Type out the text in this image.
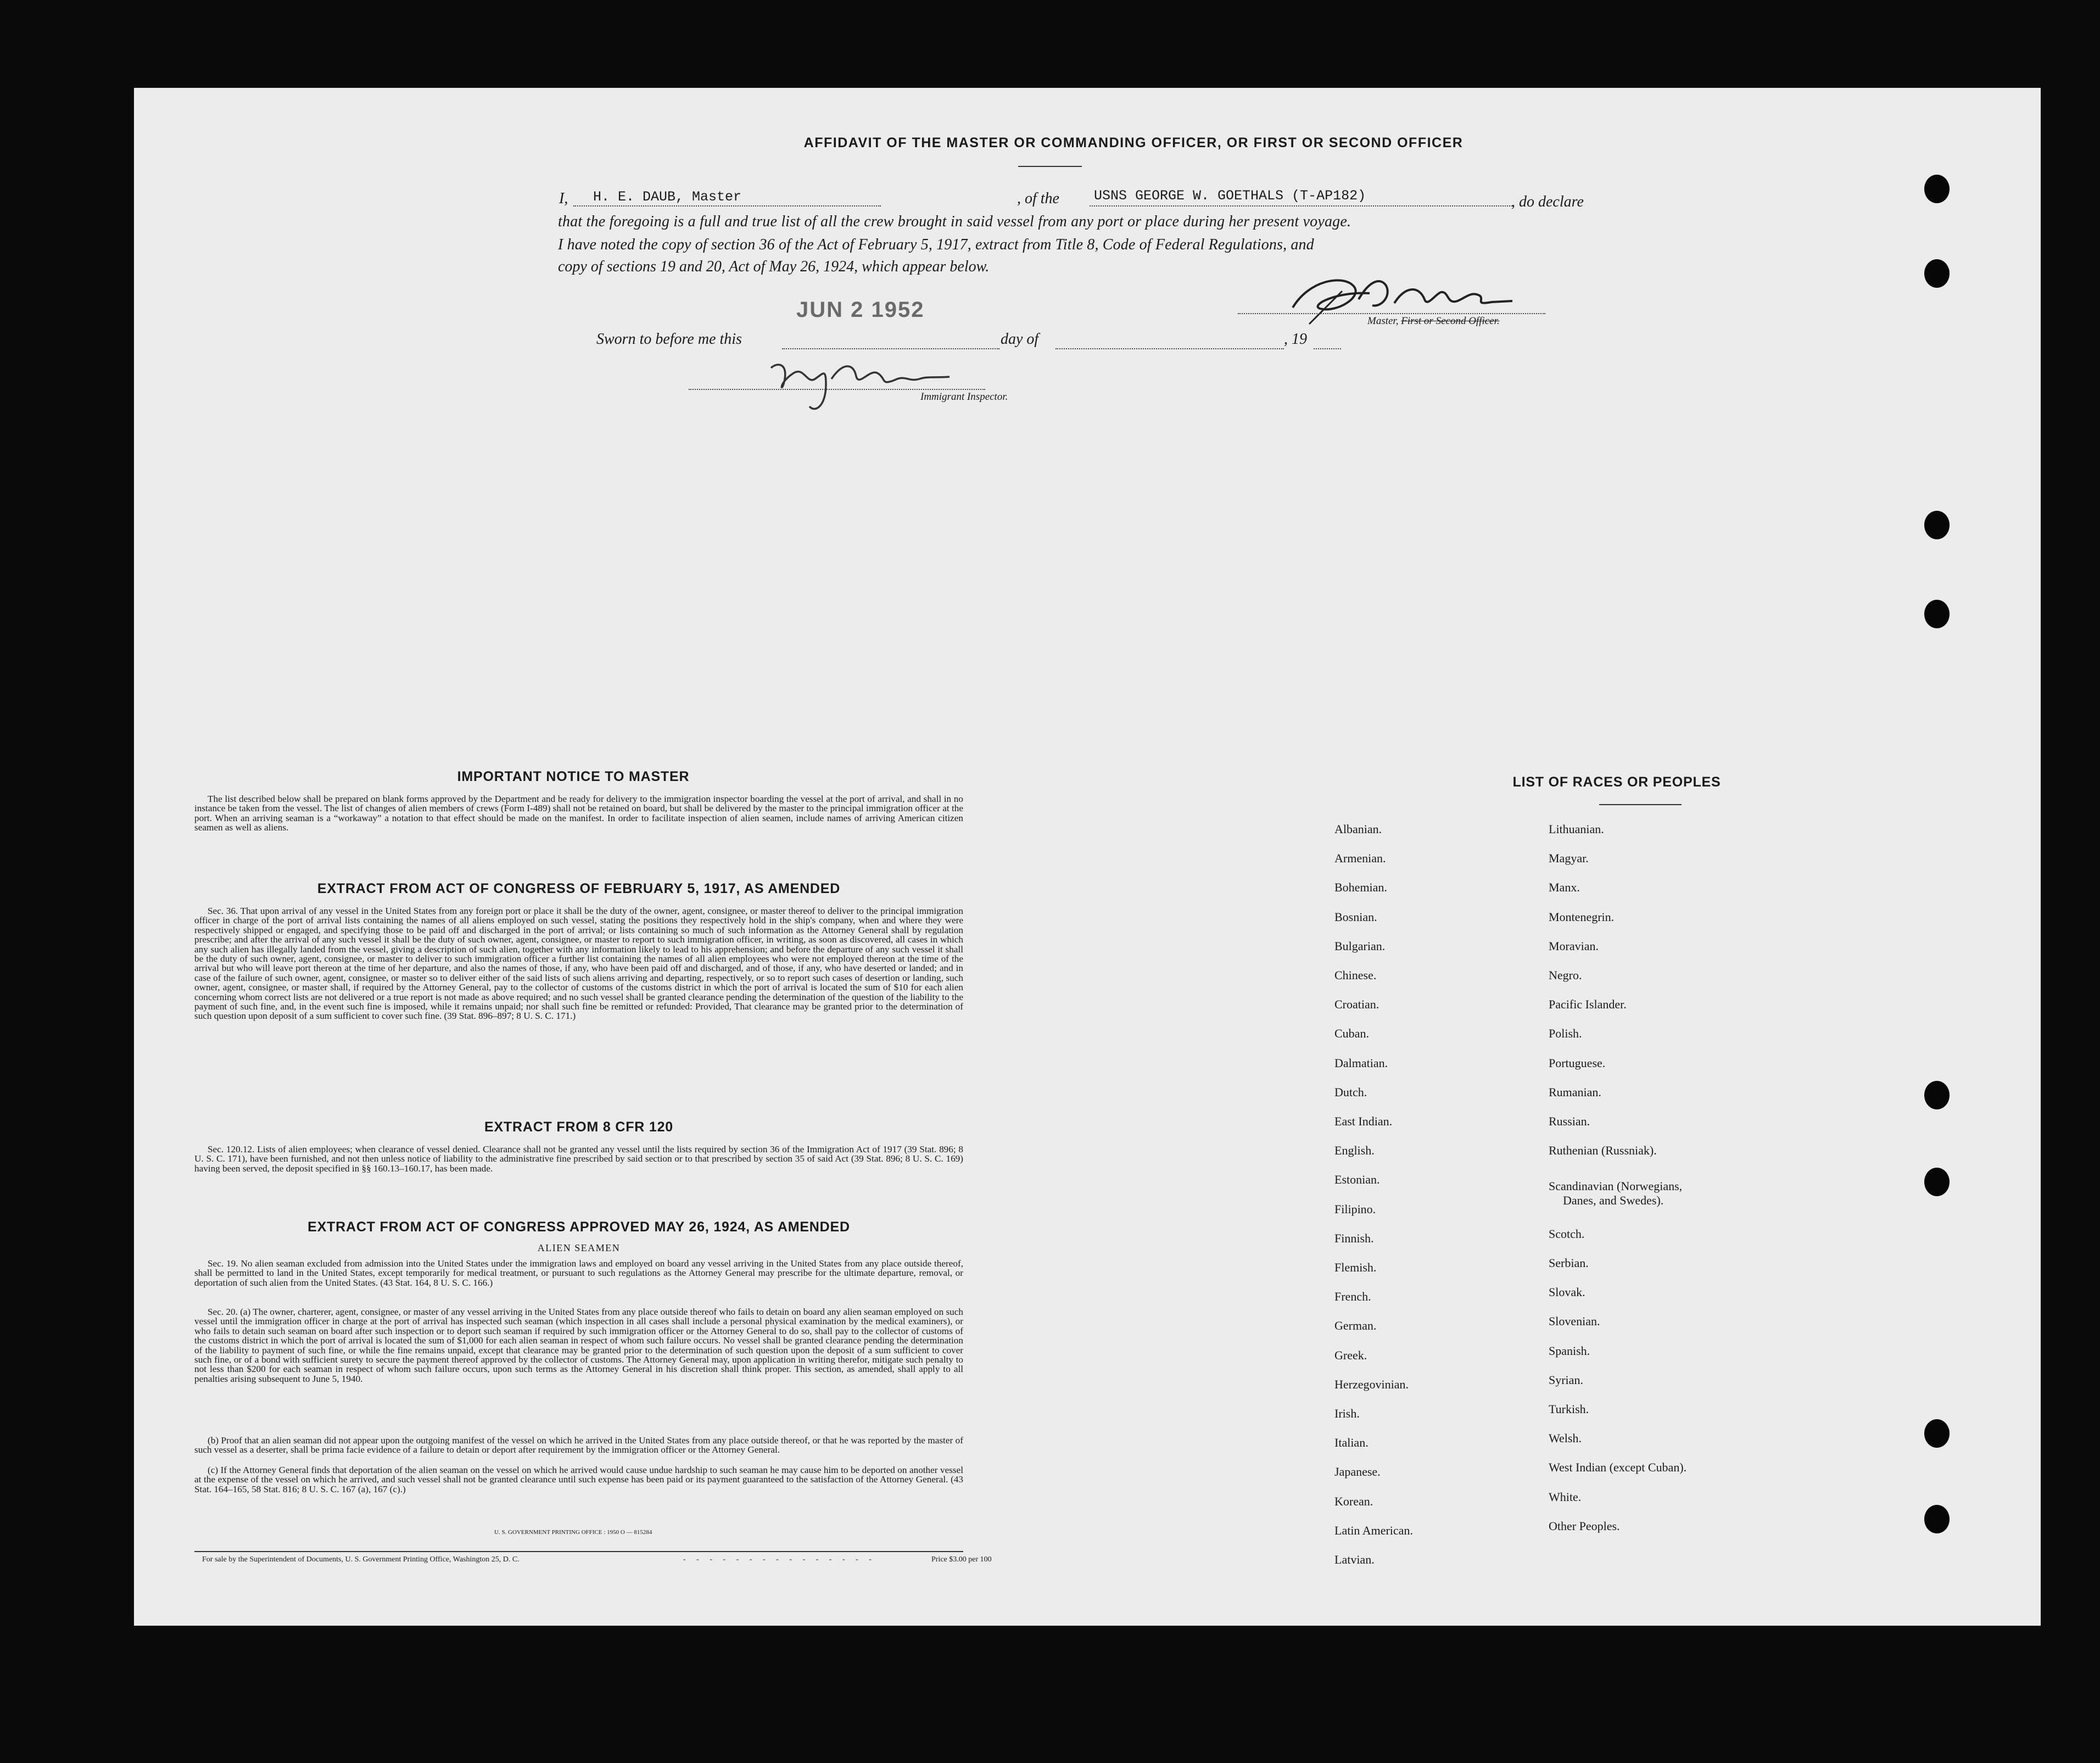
AFFIDAVIT OF THE MASTER OR COMMANDING OFFICER, OR FIRST OR SECOND OFFICER
I, H. E. DAUB, Master	, of the	USNS GEORGE W. GOETHALS (T-AP182)	, do declare
that the foregoing is a full and true list of all the crew brought in said vessel from any port or place during her present voyage.
I have noted the copy of section 36 of the Act of February 5, 1917, extract from Title 8, Code of Federal Regulations, and
copy of sections 19 and 20, Act of May 26, 1924, which appear below.
JUN 2 1952	Master, First or Second Officer.
Sworn to before me this	day of	, 19
Immigrant Inspector.
IMPORTANT NOTICE TO MASTER

The list described below shall be prepared on blank forms approved by the Department and be ready for delivery to the immigration inspector boarding the vessel at the port of arrival, and shall in no instance be taken from the vessel. The list of changes of alien members of crews (Form I-489) shall not be retained on board, but shall be delivered by the master to the principal immigration officer at the port. When an arriving seaman is a “workaway” a notation to that effect should be made on the manifest. In order to facilitate inspection of alien seamen, include names of arriving American citizen seamen as well as aliens.

EXTRACT FROM ACT OF CONGRESS OF FEBRUARY 5, 1917, AS AMENDED

Sec. 36. That upon arrival of any vessel in the United States from any foreign port or place it shall be the duty of the owner, agent, consignee, or master thereof to deliver to the principal immigration officer in charge of the port of arrival lists containing the names of all aliens employed on such vessel, stating the positions they respectively hold in the ship's company, when and where they were respectively shipped or engaged, and specifying those to be paid off and discharged in the port of arrival; or lists containing so much of such information as the Attorney General shall by regulation prescribe; and after the arrival of any such vessel it shall be the duty of such owner, agent, consignee, or master to report to such immigration officer, in writing, as soon as discovered, all cases in which any such alien has illegally landed from the vessel, giving a description of such alien, together with any information likely to lead to his apprehension; and before the departure of any such vessel it shall be the duty of such owner, agent, consignee, or master to deliver to such immigration officer a further list containing the names of all alien employees who were not employed thereon at the time of the arrival but who will leave port thereon at the time of her departure, and also the names of those, if any, who have been paid off and discharged, and of those, if any, who have deserted or landed; and in case of the failure of such owner, agent, consignee, or master so to deliver either of the said lists of such aliens arriving and departing, respectively, or so to report such cases of desertion or landing, such owner, agent, consignee, or master shall, if required by the Attorney General, pay to the collector of customs of the customs district in which the port of arrival is located the sum of $10 for each alien concerning whom correct lists are not delivered or a true report is not made as above required; and no such vessel shall be granted clearance pending the determination of the question of the liability to the payment of such fine, and, in the event such fine is imposed, while it remains unpaid; nor shall such fine be remitted or refunded: Provided, That clearance may be granted prior to the determination of such question upon deposit of a sum sufficient to cover such fine. (39 Stat. 896–897; 8 U. S. C. 171.)

EXTRACT FROM 8 CFR 120

Sec. 120.12. Lists of alien employees; when clearance of vessel denied. Clearance shall not be granted any vessel until the lists required by section 36 of the Immigration Act of 1917 (39 Stat. 896; 8 U. S. C. 171), have been furnished, and not then unless notice of liability to the administrative fine prescribed by said section or to that prescribed by section 35 of said Act (39 Stat. 896; 8 U. S. C. 169) having been served, the deposit specified in §§ 160.13–160.17, has been made.

EXTRACT FROM ACT OF CONGRESS APPROVED MAY 26, 1924, AS AMENDED
ALIEN SEAMEN

Sec. 19. No alien seaman excluded from admission into the United States under the immigration laws and employed on board any vessel arriving in the United States from any place outside thereof, shall be permitted to land in the United States, except temporarily for medical treatment, or pursuant to such regulations as the Attorney General may prescribe for the ultimate departure, removal, or deportation of such alien from the United States. (43 Stat. 164, 8 U. S. C. 166.)

Sec. 20. (a) The owner, charterer, agent, consignee, or master of any vessel arriving in the United States from any place outside thereof who fails to detain on board any alien seaman employed on such vessel until the immigration officer in charge at the port of arrival has inspected such seaman (which inspection in all cases shall include a personal physical examination by the medical examiners), or who fails to detain such seaman on board after such inspection or to deport such seaman if required by such immigration officer or the Attorney General to do so, shall pay to the collector of customs of the customs district in which the port of arrival is located the sum of $1,000 for each alien seaman in respect of whom such failure occurs. No vessel shall be granted clearance pending the determination of the liability to payment of such fine, or while the fine remains unpaid, except that clearance may be granted prior to the determination of such question upon the deposit of a sum sufficient to cover such fine, or of a bond with sufficient surety to secure the payment thereof approved by the collector of customs. The Attorney General may, upon application in writing therefor, mitigate such penalty to not less than $200 for each seaman in respect of whom such failure occurs, upon such terms as the Attorney General in his discretion shall think proper. This section, as amended, shall apply to all penalties arising subsequent to June 5, 1940.

(b) Proof that an alien seaman did not appear upon the outgoing manifest of the vessel on which he arrived in the United States from any place outside thereof, or that he was reported by the master of such vessel as a deserter, shall be prima facie evidence of a failure to detain or deport after requirement by the immigration officer or the Attorney General.

(c) If the Attorney General finds that deportation of the alien seaman on the vessel on which he arrived would cause undue hardship to such seaman he may cause him to be deported on another vessel at the expense of the vessel on which he arrived, and such vessel shall not be granted clearance until such expense has been paid or its payment guaranteed to the satisfaction of the Attorney General. (43 Stat. 164–165, 58 Stat. 816; 8 U. S. C. 167 (a), 167 (c).)

U. S. GOVERNMENT PRINTING OFFICE : 1950 O — 815284
For sale by the Superintendent of Documents, U. S. Government Printing Office, Washington 25, D. C.	- - - - - - - - - - - - - - -	Price $3.00 per 100
LIST OF RACES OR PEOPLES

Albanian.

Armenian.

Bohemian.

Bosnian.

Bulgarian.

Chinese.

Croatian.

Cuban.

Dalmatian.

Dutch.

East Indian.

English.

Estonian.

Filipino.

Finnish.

Flemish.

French.

German.

Greek.

Herzegovinian.

Irish.

Italian.

Japanese.

Korean.

Latin American.

Latvian.

Lithuanian.

Magyar.

Manx.

Montenegrin.

Moravian.

Negro.

Pacific Islander.

Polish.

Portuguese.

Rumanian.

Russian.

Ruthenian (Russniak).

Scandinavian (Norwegians,

Danes, and Swedes).

Scotch.

Serbian.

Slovak.

Slovenian.

Spanish.

Syrian.

Turkish.

Welsh.

West Indian (except Cuban).

White.

Other Peoples.
